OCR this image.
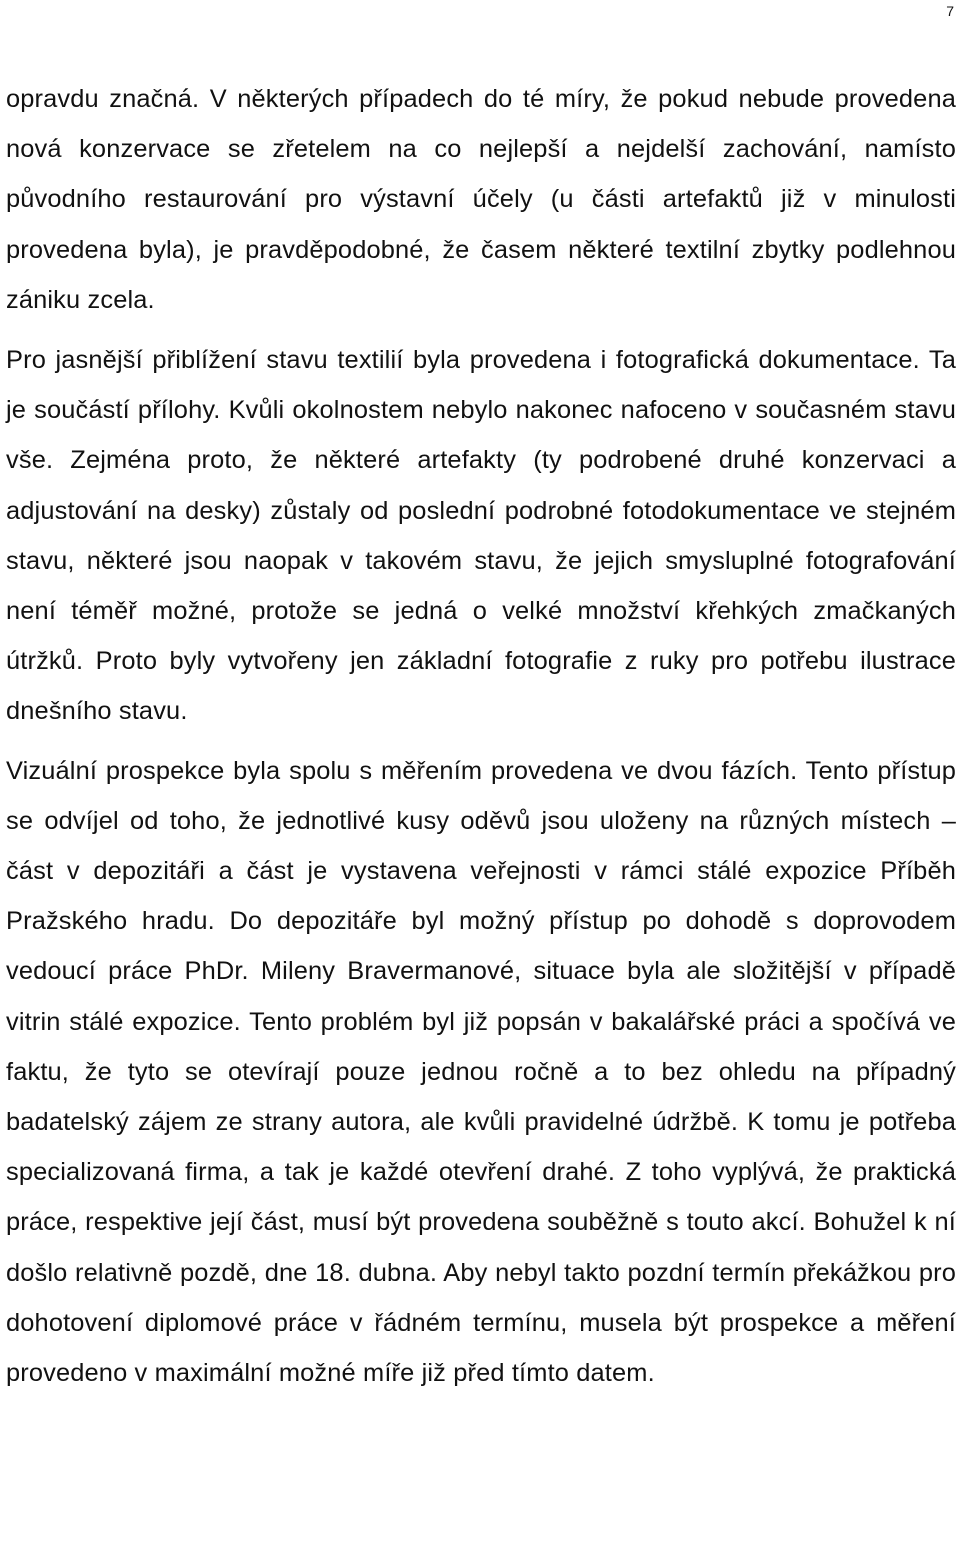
7

opravdu značná. V některých případech do té míry, že pokud nebude provedena nová konzervace se zřetelem na co nejlepší a nejdelší zachování, namísto původního restaurování pro výstavní účely (u části artefaktů již v minulosti provedena byla), je pravděpodobné, že časem některé textilní zbytky podlehnou zániku zcela.

Pro jasnější přiblížení stavu textilií byla provedena i fotografická dokumentace. Ta je součástí přílohy. Kvůli okolnostem nebylo nakonec nafoceno v současném stavu vše. Zejména proto, že některé artefakty (ty podrobené druhé konzervaci a adjustování na desky) zůstaly od poslední podrobné fotodokumentace ve stejném stavu, některé jsou naopak v takovém stavu, že jejich smysluplné fotografování není téměř možné, protože se jedná o velké množství křehkých zmačkaných útržků. Proto byly vytvořeny jen základní fotografie z ruky pro potřebu ilustrace dnešního stavu.

Vizuální prospekce byla spolu s měřením provedena ve dvou fázích. Tento přístup se odvíjel od toho, že jednotlivé kusy oděvů jsou uloženy na různých místech – část v depozitáři a část je vystavena veřejnosti v rámci stálé expozice Příběh Pražského hradu. Do depozitáře byl možný přístup po dohodě s doprovodem vedoucí práce PhDr. Mileny Bravermanové, situace byla ale složitější v případě vitrin stálé expozice. Tento problém byl již popsán v bakalářské práci a spočívá ve faktu, že tyto se otevírají pouze jednou ročně a to bez ohledu na případný badatelský zájem ze strany autora, ale kvůli pravidelné údržbě. K tomu je potřeba specializovaná firma, a tak je každé otevření drahé. Z toho vyplývá, že praktická práce, respektive její část, musí být provedena souběžně s touto akcí. Bohužel k ní došlo relativně pozdě, dne 18. dubna. Aby nebyl takto pozdní termín překážkou pro dohotovení diplomové práce v řádném termínu, musela být prospekce a měření provedeno v maximální možné míře již před tímto datem.
